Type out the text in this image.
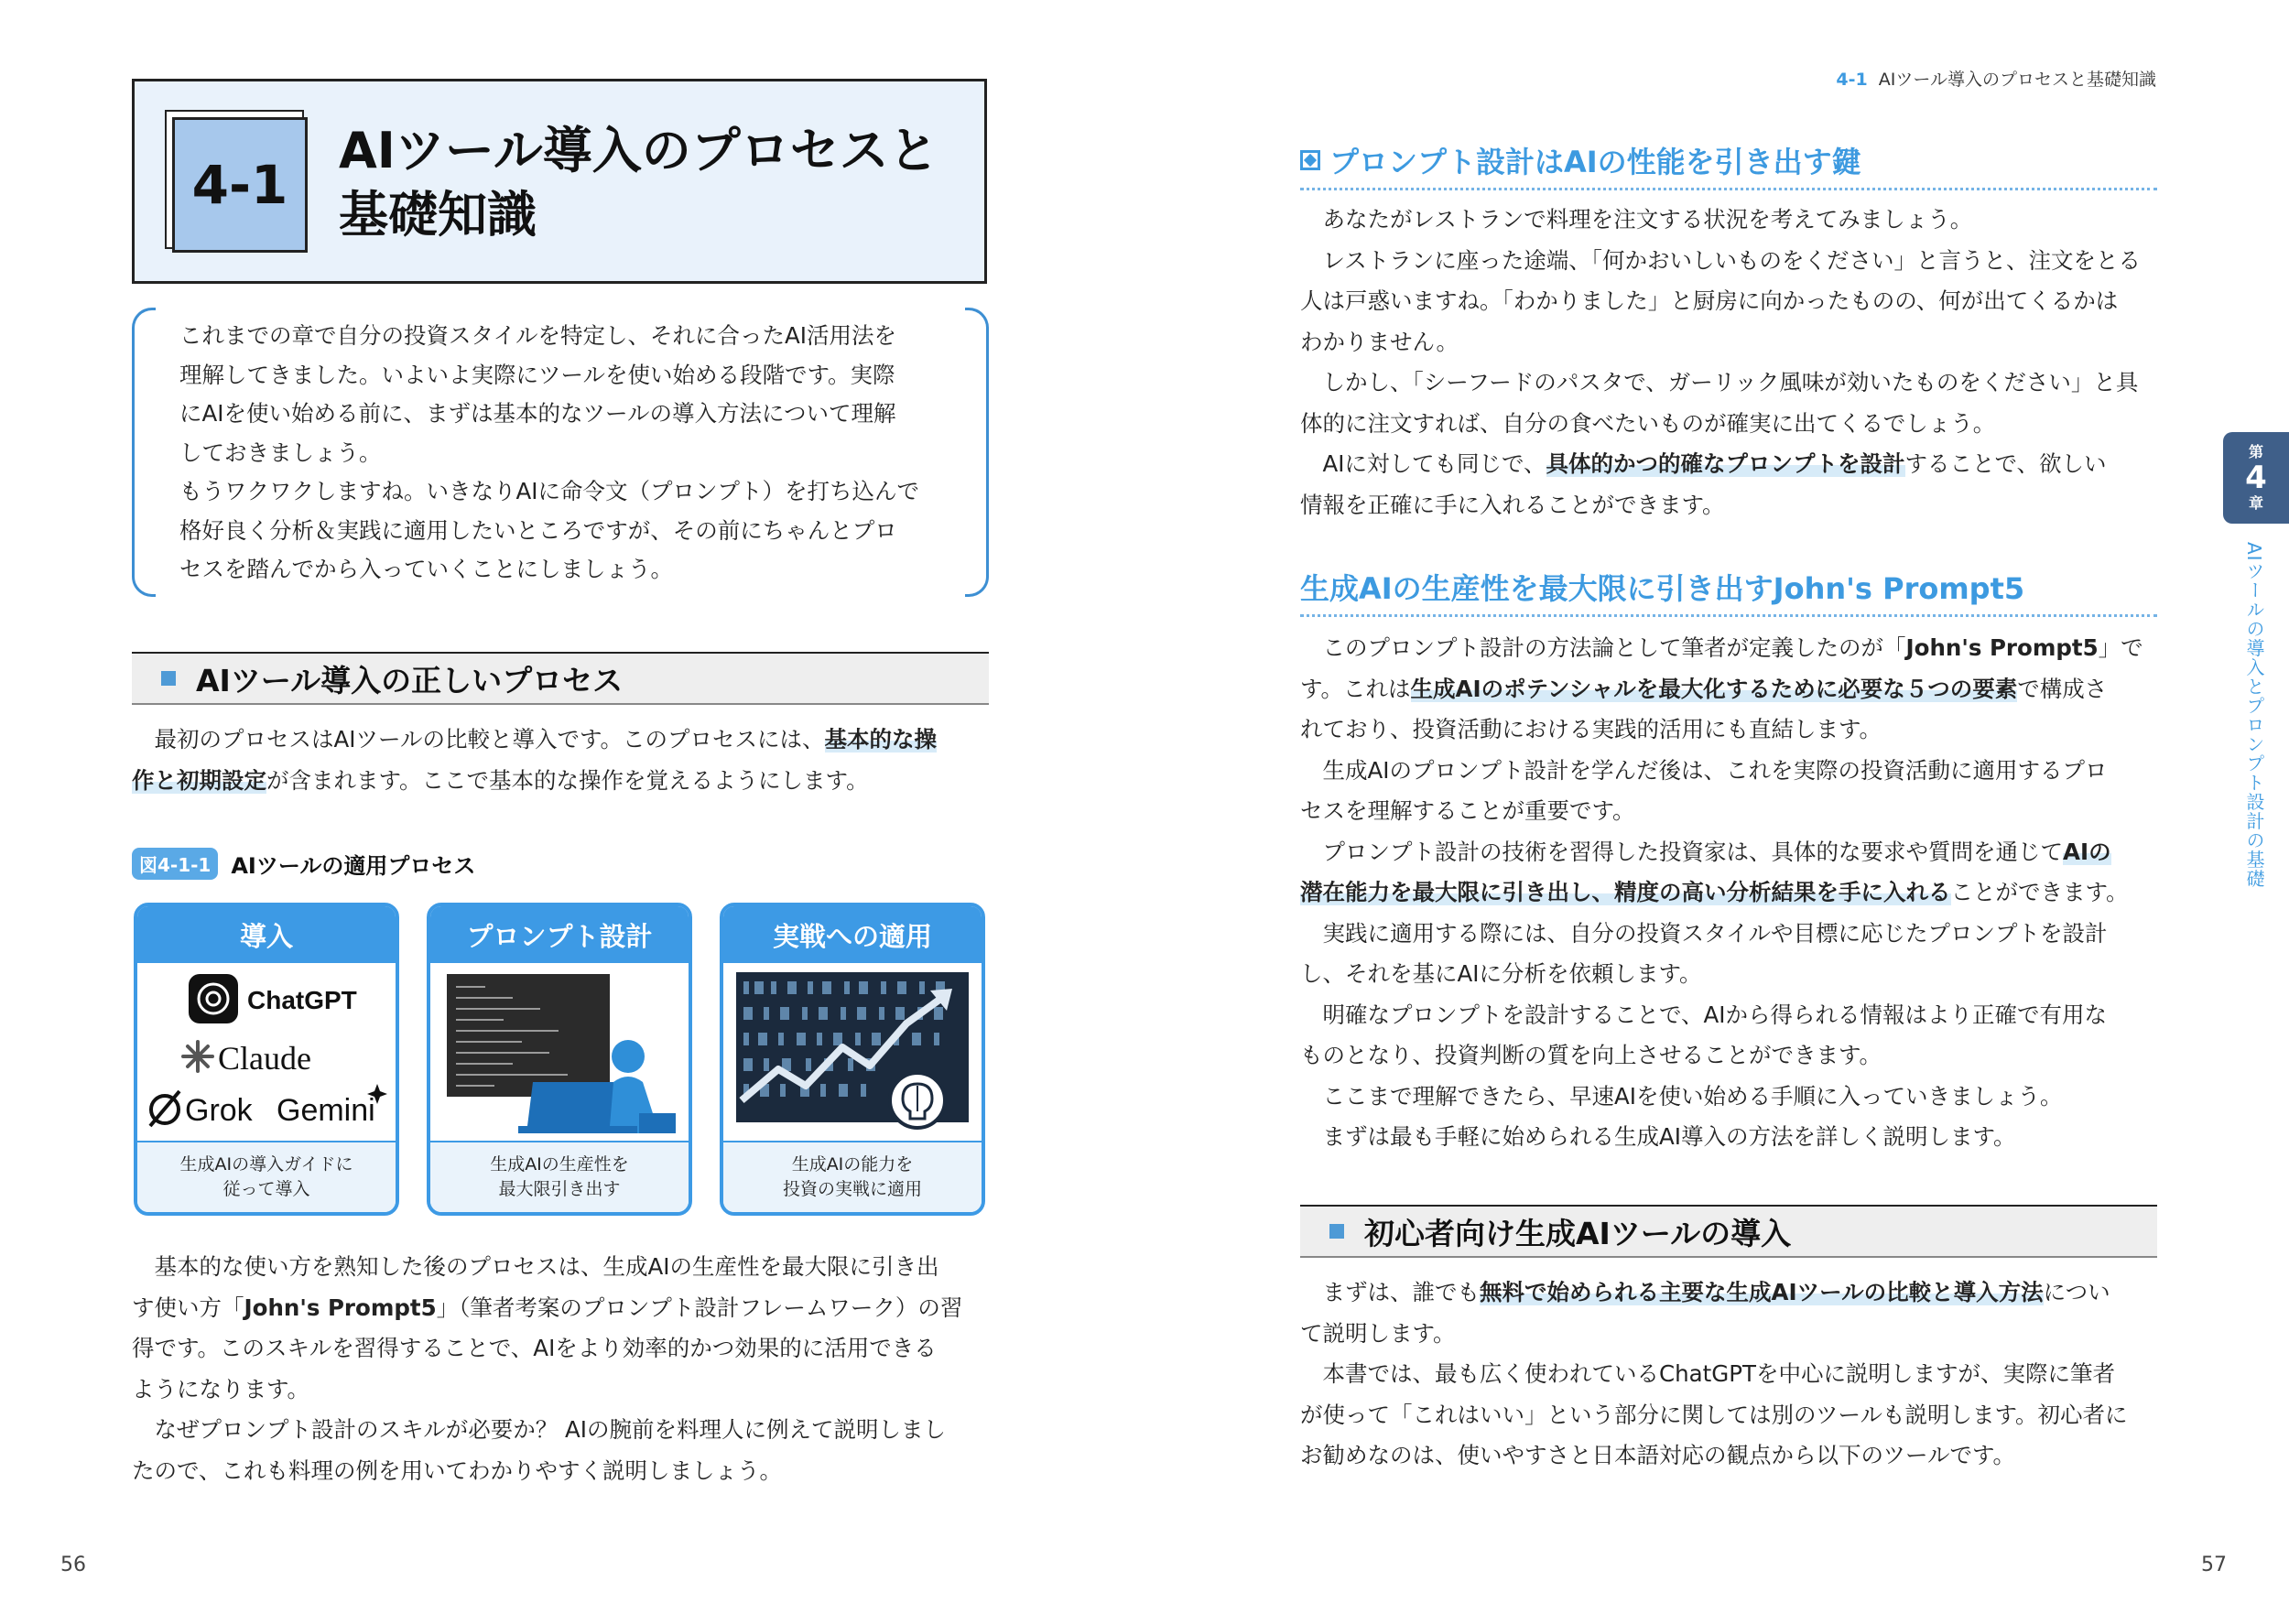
4-1
AIツール導入のプロセスと
基礎知識

これまでの章で自分の投資スタイルを特定し、それに合ったAI活用法を

理解してきました。いよいよ実際にツールを使い始める段階です。実際

にAIを使い始める前に、まずは基本的なツールの導入方法について理解

しておきましょう。

もうワクワクしますね。いきなりAIに命令文（プロンプト）を打ち込んで

格好良く分析＆実践に適用したいところですが、その前にちゃんとプロ

セスを踏んでから入っていくことにしましょう。

AIツール導入の正しいプロセス

最初のプロセスはAIツールの比較と導入です。このプロセスには、基本的な操

作と初期設定が含まれます。ここで基本的な操作を覚えるようにします。

図4-1-1 AIツールの適用プロセス
導入
ChatGPT
Claude
Grok Gemini
生成AIの導入ガイドに
従って導入
プロンプト設計
生成AIの生産性を
最大限引き出す
実戦への適用
生成AIの能力を
投資の実戦に適用

基本的な使い方を熟知した後のプロセスは、生成AIの生産性を最大限に引き出

す使い方「John's Prompt5」（筆者考案のプロンプト設計フレームワーク）の習

得です。このスキルを習得することで、AIをより効率的かつ効果的に活用できる

ようになります。

なぜプロンプト設計のスキルが必要か？ AIの腕前を料理人に例えて説明しまし

たので、これも料理の例を用いてわかりやすく説明しましょう。

56
4-1 AIツール導入のプロセスと基礎知識
プロンプト設計はAIの性能を引き出す鍵

あなたがレストランで料理を注文する状況を考えてみましょう。

レストランに座った途端、「何かおいしいものをください」と言うと、注文をとる

人は戸惑いますね。「わかりました」と厨房に向かったものの、何が出てくるかは

わかりません。

しかし、「シーフードのパスタで、ガーリック風味が効いたものをください」と具

体的に注文すれば、自分の食べたいものが確実に出てくるでしょう。

AIに対しても同じで、具体的かつ的確なプロンプトを設計することで、欲しい

情報を正確に手に入れることができます。

生成AIの生産性を最大限に引き出すJohn's Prompt5

このプロンプト設計の方法論として筆者が定義したのが「John's Prompt5」で

す。これは生成AIのポテンシャルを最大化するために必要な５つの要素で構成さ

れており、投資活動における実践的活用にも直結します。

生成AIのプロンプト設計を学んだ後は、これを実際の投資活動に適用するプロ

セスを理解することが重要です。

プロンプト設計の技術を習得した投資家は、具体的な要求や質問を通じてAIの

潜在能力を最大限に引き出し、精度の高い分析結果を手に入れることができます。

実践に適用する際には、自分の投資スタイルや目標に応じたプロンプトを設計

し、それを基にAIに分析を依頼します。

明確なプロンプトを設計することで、AIから得られる情報はより正確で有用な

ものとなり、投資判断の質を向上させることができます。

ここまで理解できたら、早速AIを使い始める手順に入っていきましょう。

まずは最も手軽に始められる生成AI導入の方法を詳しく説明します。

初心者向け生成AIツールの導入

まずは、誰でも無料で始められる主要な生成AIツールの比較と導入方法につい

て説明します。

本書では、最も広く使われているChatGPTを中心に説明しますが、実際に筆者

が使って「これはいい」という部分に関しては別のツールも説明します。初心者に

お勧めなのは、使いやすさと日本語対応の観点から以下のツールです。

第
4
章
AIツールの導入とプロンプト設計の基礎
57
